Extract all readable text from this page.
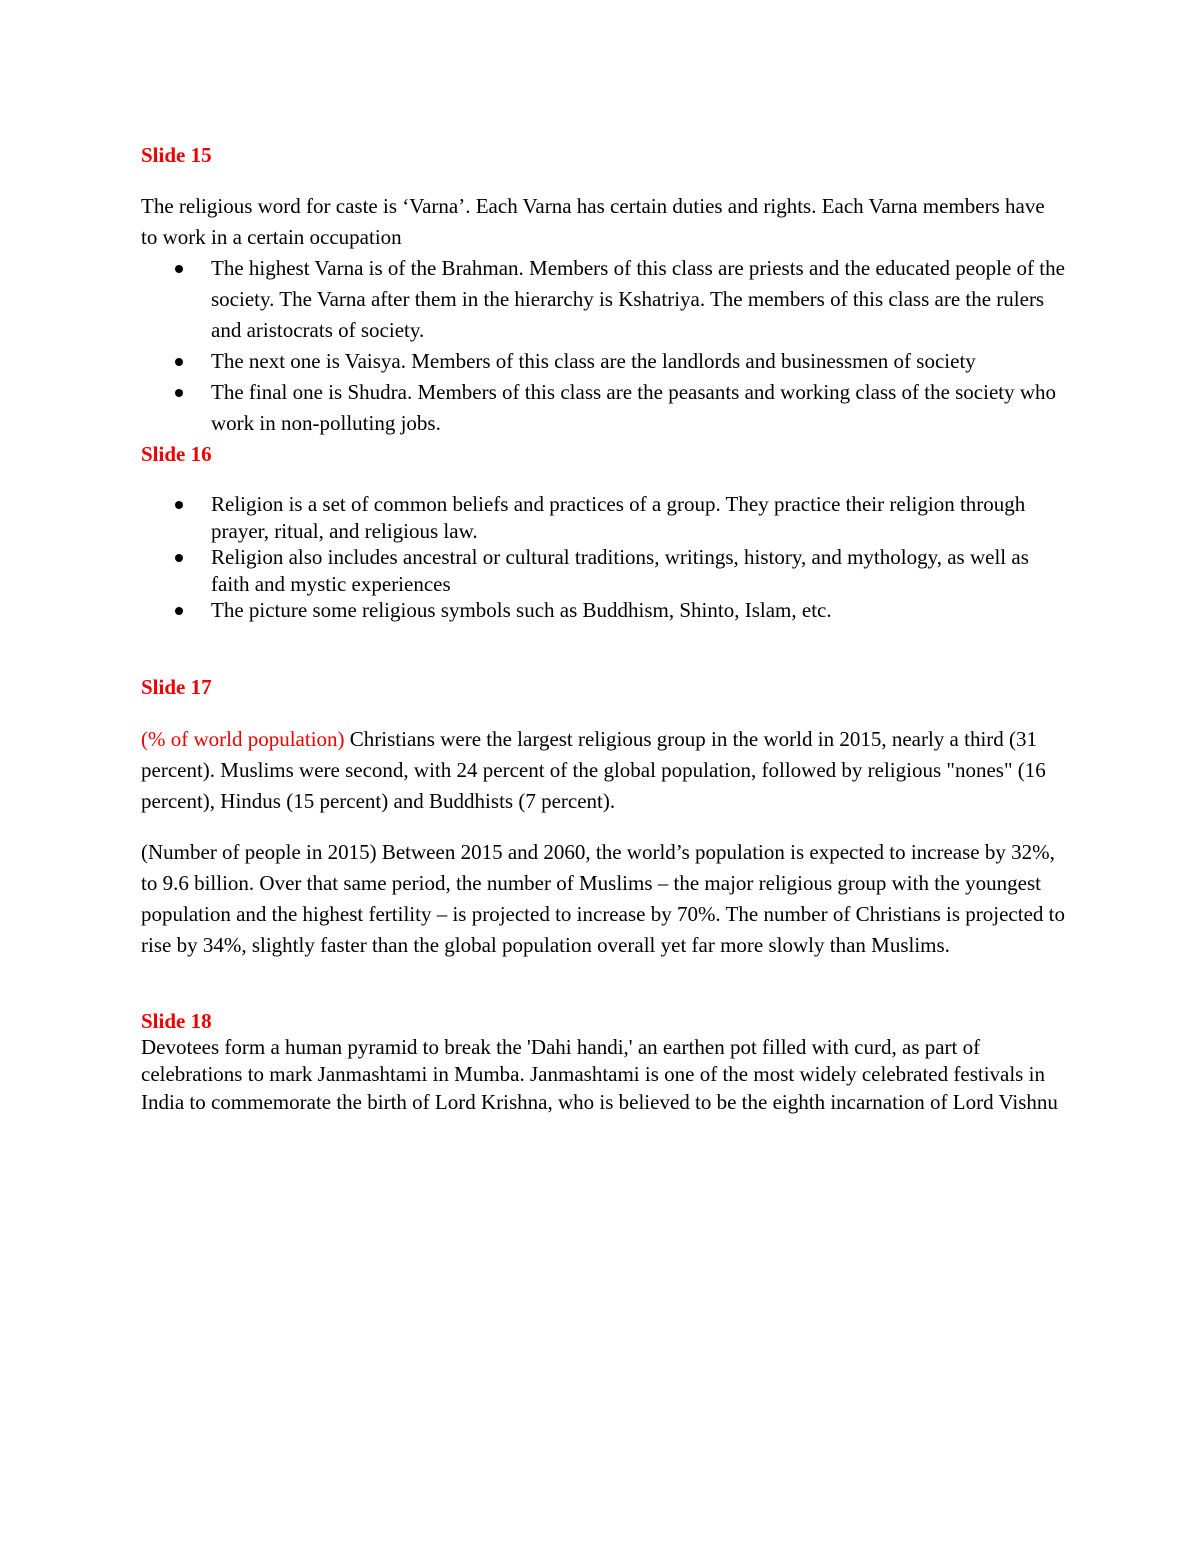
Slide 15

The religious word for caste is ‘Varna’. Each Varna has certain duties and rights. Each Varna members have to work in a certain occupation

The highest Varna is of the Brahman. Members of this class are priests and the educated people of the society. The Varna after them in the hierarchy is Kshatriya. The members of this class are the rulers and aristocrats of society.
The next one is Vaisya. Members of this class are the landlords and businessmen of society
The final one is Shudra. Members of this class are the peasants and working class of the society who work in non-polluting jobs.

Slide 16

Religion is a set of common beliefs and practices of a group. They practice their religion through prayer, ritual, and religious law.
Religion also includes ancestral or cultural traditions, writings, history, and mythology, as well as faith and mystic experiences
The picture some religious symbols such as Buddhism, Shinto, Islam, etc.

Slide 17

(% of world population) Christians were the largest religious group in the world in 2015, nearly a third (31 percent). Muslims were second, with 24 percent of the global population, followed by religious "nones" (16 percent), Hindus (15 percent) and Buddhists (7 percent).

(Number of people in 2015) Between 2015 and 2060, the world’s population is expected to increase by 32%, to 9.6 billion. Over that same period, the number of Muslims – the major religious group with the youngest population and the highest fertility – is projected to increase by 70%. The number of Christians is projected to rise by 34%, slightly faster than the global population overall yet far more slowly than Muslims.

Slide 18

Devotees form a human pyramid to break the 'Dahi handi,' an earthen pot filled with curd, as part of celebrations to mark Janmashtami in Mumba. Janmashtami is one of the most widely celebrated festivals in India to commemorate the birth of Lord Krishna, who is believed to be the eighth incarnation of Lord Vishnu
